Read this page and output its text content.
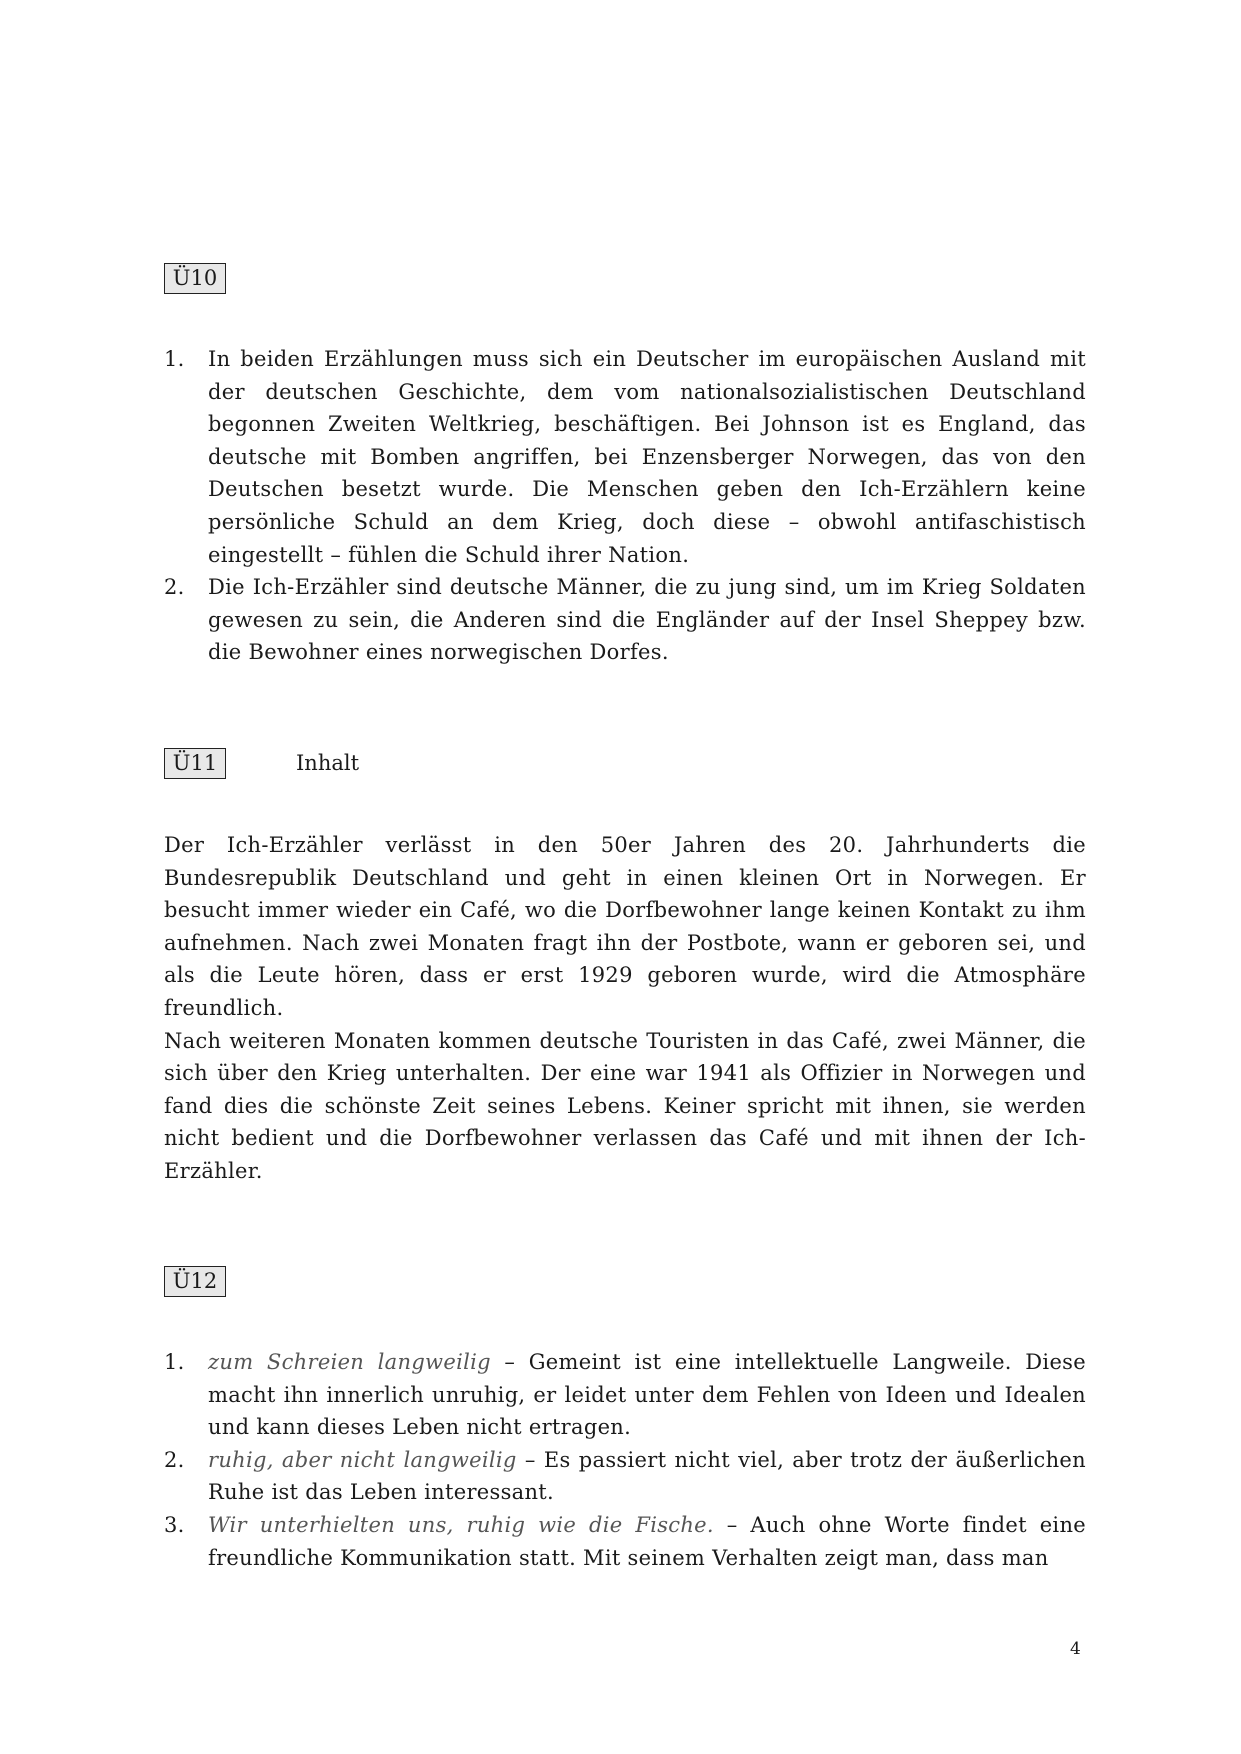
Ü10
1. In beiden Erzählungen muss sich ein Deutscher im europäischen Ausland mit der deutschen Geschichte, dem vom nationalsozialistischen Deutschland begonnen Zweiten Weltkrieg, beschäftigen. Bei Johnson ist es England, das deutsche mit Bomben angriffen, bei Enzensberger Norwegen, das von den Deutschen besetzt wurde. Die Menschen geben den Ich-Erzählern keine persönliche Schuld an dem Krieg, doch diese – obwohl antifaschistisch eingestellt – fühlen die Schuld ihrer Nation.
2. Die Ich-Erzähler sind deutsche Männer, die zu jung sind, um im Krieg Soldaten gewesen zu sein, die Anderen sind die Engländer auf der Insel Sheppey bzw. die Bewohner eines norwegischen Dorfes.
Ü11	Inhalt
Der Ich-Erzähler verlässt in den 50er Jahren des 20. Jahrhunderts die Bundesrepublik Deutschland und geht in einen kleinen Ort in Norwegen. Er besucht immer wieder ein Café, wo die Dorfbewohner lange keinen Kontakt zu ihm aufnehmen. Nach zwei Monaten fragt ihn der Postbote, wann er geboren sei, und als die Leute hören, dass er erst 1929 geboren wurde, wird die Atmosphäre freundlich.
Nach weiteren Monaten kommen deutsche Touristen in das Café, zwei Männer, die sich über den Krieg unterhalten. Der eine war 1941 als Offizier in Norwegen und fand dies die schönste Zeit seines Lebens. Keiner spricht mit ihnen, sie werden nicht bedient und die Dorfbewohner verlassen das Café und mit ihnen der Ich-Erzähler.
Ü12
1. zum Schreien langweilig – Gemeint ist eine intellektuelle Langweile. Diese macht ihn innerlich unruhig, er leidet unter dem Fehlen von Ideen und Idealen und kann dieses Leben nicht ertragen.
2. ruhig, aber nicht langweilig – Es passiert nicht viel, aber trotz der äußerlichen Ruhe ist das Leben interessant.
3. Wir unterhielten uns, ruhig wie die Fische. – Auch ohne Worte findet eine freundliche Kommunikation statt. Mit seinem Verhalten zeigt man, dass man
4
